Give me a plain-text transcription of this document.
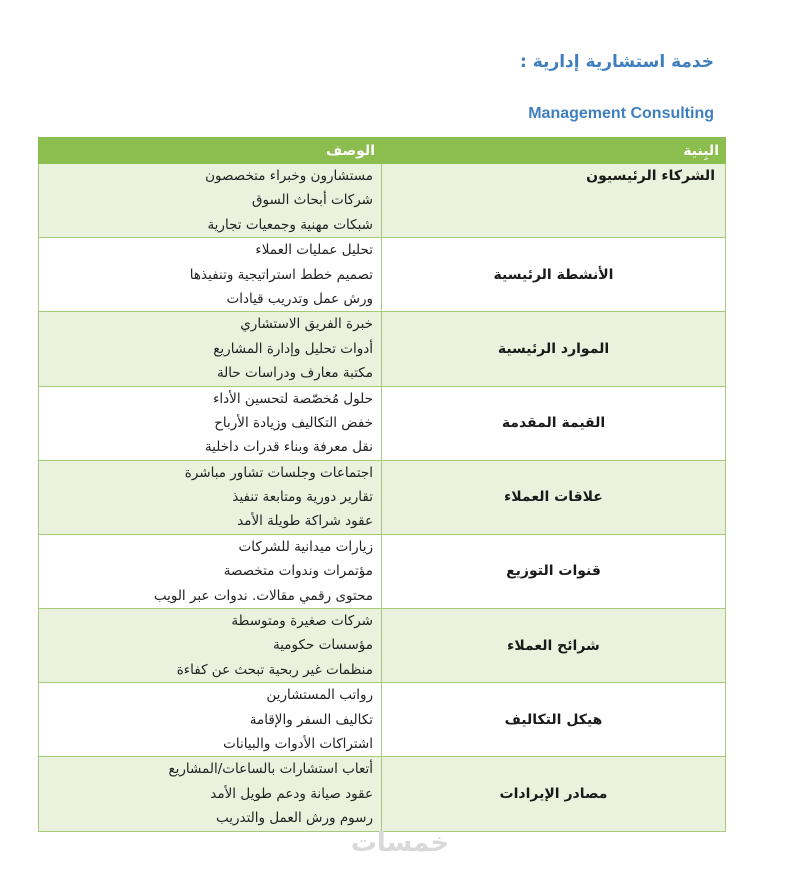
خدمة استشارية إدارية :
Management Consulting
البِنية	الوصف
الشركاء الرئيسيون	مستشارون وخبراء متخصصون
شركات أبحاث السوق
شبكات مهنية وجمعيات تجارية

الأنشطة الرئيسية	تحليل عمليات العملاء
تصميم خطط استراتيجية وتنفيذها
ورش عمل وتدريب قيادات

الموارد الرئيسية	خبرة الفريق الاستشاري
أدوات تحليل وإدارة المشاريع
مكتبة معارف ودراسات حالة

القيمة المقدمة	حلول مُخصّصة لتحسين الأداء
خفض التكاليف وزيادة الأرباح
نقل معرفة وبناء قدرات داخلية

علاقات العملاء	اجتماعات وجلسات تشاور مباشرة
تقارير دورية ومتابعة تنفيذ
عقود شراكة طويلة الأمد

قنوات التوزيع	زيارات ميدانية للشركات
مؤتمرات وندوات متخصصة
محتوى رقمي مقالات. ندوات عبر الويب

شرائح العملاء	شركات صغيرة ومتوسطة
مؤسسات حكومية
منظمات غير ربحية تبحث عن كفاءة

هيكل التكاليف	رواتب المستشارين
تكاليف السفر والإقامة
اشتراكات الأدوات والبيانات

مصادر الإيرادات	أتعاب استشارات بالساعات/المشاريع
عقود صيانة ودعم طويل الأمد
رسوم ورش العمل والتدريب
خمسات
